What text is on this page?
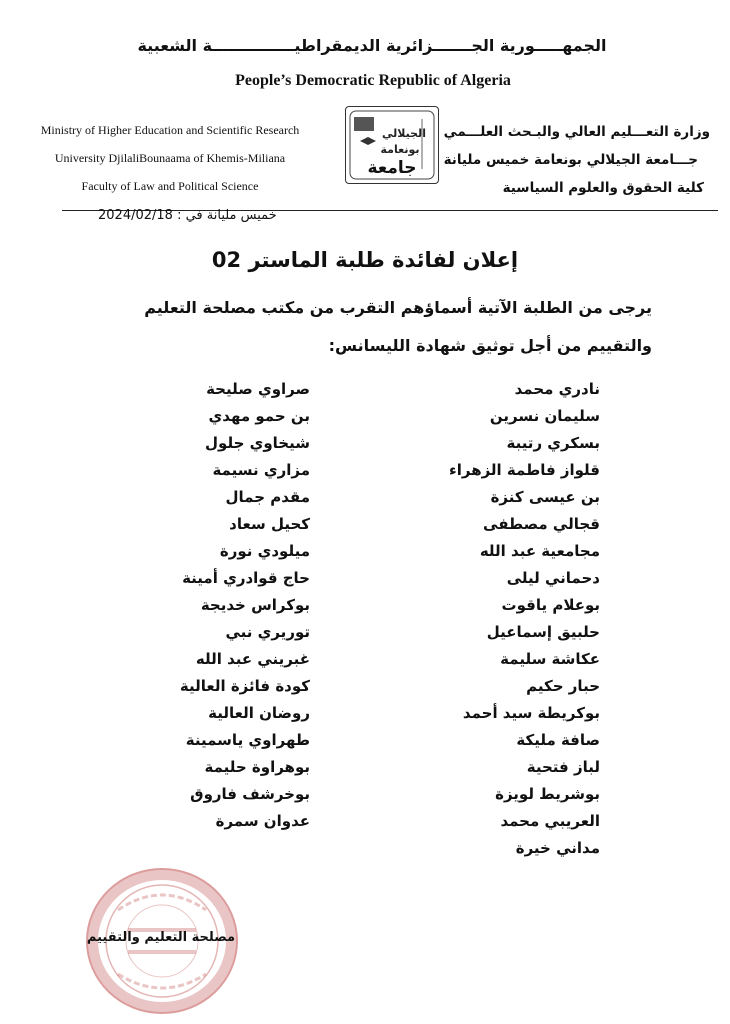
الجمهـــــورية الجـــــــزائرية الديمقراطيـــــــــــــــة الشعبية
People’s Democratic Republic of Algeria
Ministry of Higher Education and Scientific Research
University DjilaliBounaama of Khemis-Miliana
Faculty of Law and Political Science
الجيلالي
بونعامة
جامعة
وزارة التعـــليم العالي والبـحث العلـــمي
جـــامعة الجيلالي بونعامة خميس مليانة
كلية الحقوق والعلوم السياسية
خميس مليانة في : 2024/02/18
إعلان لفائدة طلبة الماستر 02
يرجى من الطلبة الآتية أسماؤهم التقرب من مكتب مصلحة التعليم
والتقييم من أجل توثيق شهادة الليسانس:
نادري محمد
سليمان نسرين
بسكري رتيبة
قلواز فاطمة الزهراء
بن عيسى كنزة
قجالي مصطفى
مجامعية عبد الله
دحماني ليلى
بوعلام ياقوت
حلبيق إسماعيل
عكاشة سليمة
حبار حكيم
بوكريطة سيد أحمد
صافة مليكة
لباز فتحية
بوشريط لويزة
العريبي محمد
مداني خيرة
صراوي صليحة
بن حمو مهدي
شيخاوي جلول
مزاري نسيمة
مقدم جمال
كحيل سعاد
ميلودي نورة
حاج قوادري أمينة
بوكراس خديجة
توريري نبي
غبريني عبد الله
كودة فائزة العالية
روضان العالية
طهراوي ياسمينة
بوهراوة حليمة
بوخرشف فاروق
عدوان سمرة
مصلحة التعليم والتقييم
